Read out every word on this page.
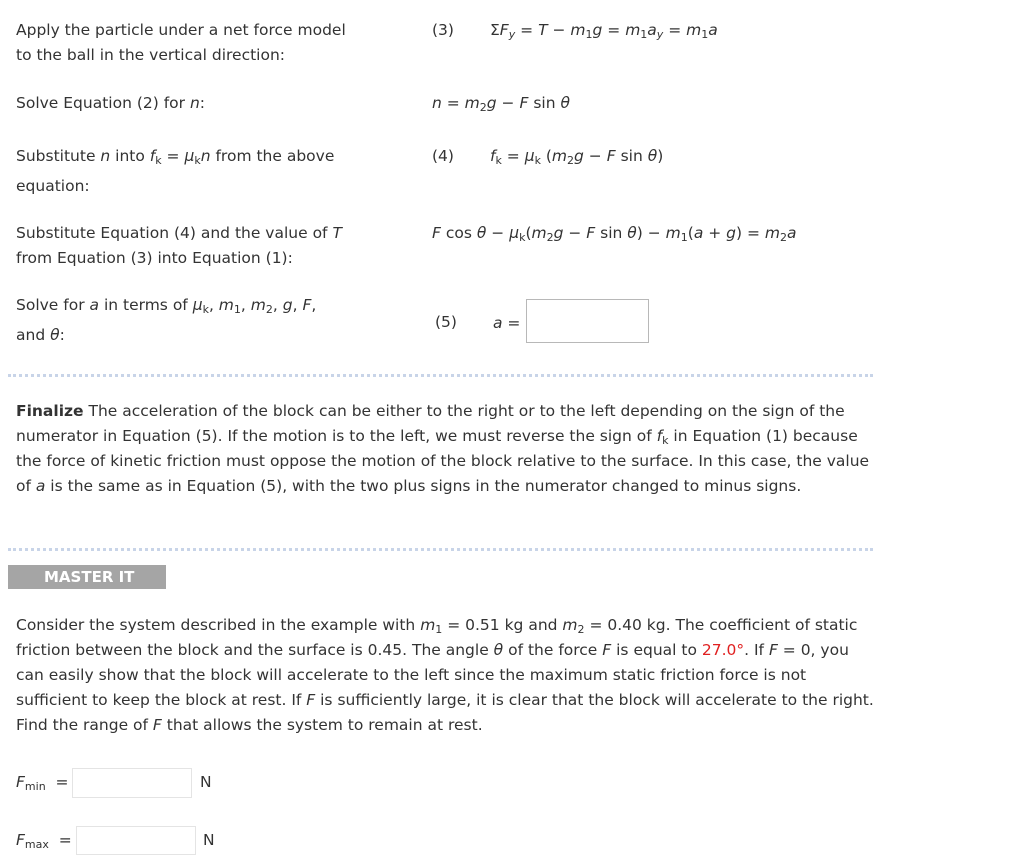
Apply the particle under a net force model
to the ball in the vertical direction:
(3) $\Sigma F_y = T - m_1g = m_1a_y = m_1a$
Solve Equation (2) for n:	$n = m_2g - F$ sin θ
Substitute n into $f_k = \mu_kn$ from the above
equation:
(4) $f_k = \mu_k$ ($m_2g - F$ sin θ)
Substitute Equation (4) and the value of T
from Equation (3) into Equation (1):
F $\cos \theta - \mu_k(m_2g - F$ $\sin \theta) - m_1(a + g) = m_2a$
Solve for a in terms of $\mu_k$, $m_1$, $m_2$, g, F,
and θ:
(5) a =
Finalize The acceleration of the block can be either to the right or to the left depending on the sign of the numerator in Equation (5). If the motion is to the left, we must reverse the sign of $f_k$ in Equation (1) because the force of kinetic friction must oppose the motion of the block relative to the surface. In this case, the value of a is the same as in Equation (5), with the two plus signs in the numerator changed to minus signs.
MASTER IT
Consider the system described in the example with $m_1 = 0.51$ kg and $m_2 = 0.40$ kg. The coefficient of static friction between the block and the surface is 0.45. The angle θ of the force F is equal to 27.0°. If F = 0, you can easily show that the block will accelerate to the left since the maximum static friction force is not sufficient to keep the block at rest. If F is sufficiently large, it is clear that the block will accelerate to the right. Find the range of F that allows the system to remain at rest.
$F_{min}$  =	N
$F_{max}$  =	N
